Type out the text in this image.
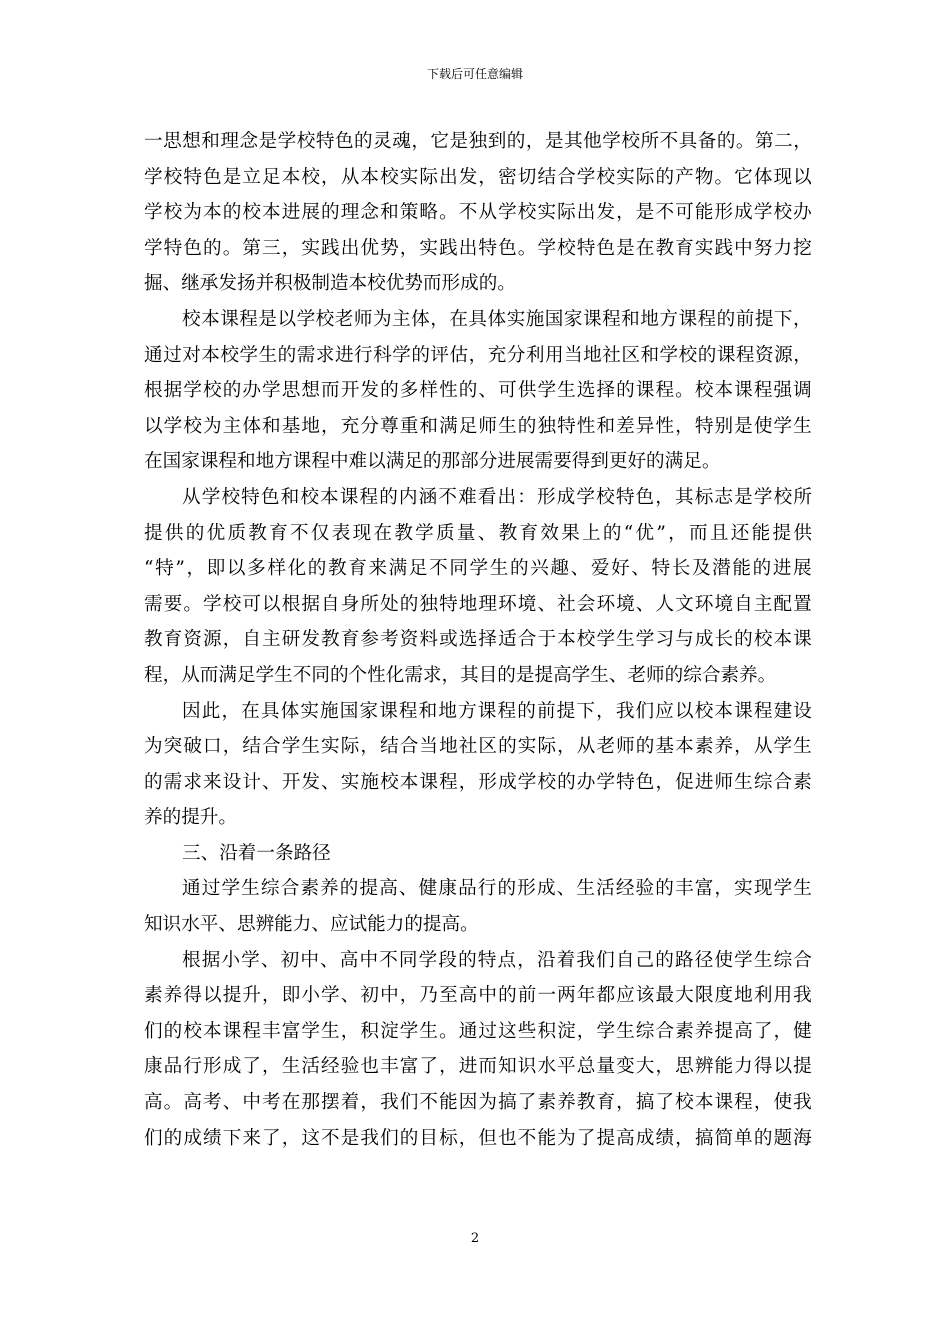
下载后可任意编辑
一 思 想 和 理 念 是 学 校 特 色 的 灵 魂 ， 它 是 独 到 的 ， 是 其 他 学 校 所 不 具 备 的 。 第 二 ，
学 校 特 色 是 立 足 本 校 ， 从 本 校 实 际 出 发 ， 密 切 结 合 学 校 实 际 的 产 物 。 它 体 现 以
学 校 为 本 的 校 本 进 展 的 理 念 和 策 略 。 不 从 学 校 实 际 出 发 ， 是 不 可 能 形 成 学 校 办
学 特 色 的 。 第 三 ， 实 践 出 优 势 ， 实 践 出 特 色 。 学 校 特 色 是 在 教 育 实 践 中 努 力 挖
掘、继承发扬并积极制造本校优势而形成的。
校 本 课 程 是 以 学 校 老 师 为 主 体 ， 在 具 体 实 施 国 家 课 程 和 地 方 课 程 的 前 提 下 ，
通 过 对 本 校 学 生 的 需 求 进 行 科 学 的 评 估 ， 充 分 利 用 当 地 社 区 和 学 校 的 课 程 资 源 ，
根 据 学 校 的 办 学 思 想 而 开 发 的 多 样 性 的 、 可 供 学 生 选 择 的 课 程 。 校 本 课 程 强 调
以 学 校 为 主 体 和 基 地 ， 充 分 尊 重 和 满 足 师 生 的 独 特 性 和 差 异 性 ， 特 别 是 使 学 生
在国家课程和地方课程中难以满足的那部分进展需要得到更好的满足。
从 学 校 特 色 和 校 本 课 程 的 内 涵 不 难 看 出 ： 形 成 学 校 特 色 ， 其 标 志 是 学 校 所
提 供 的 优 质 教 育 不 仅 表 现 在 教 学 质 量 、 教 育 效 果 上 的 “ 优 ” ， 而 且 还 能 提 供
“ 特 ” ， 即 以 多 样 化 的 教 育 来 满 足 不 同 学 生 的 兴 趣 、 爱 好 、 特 长 及 潜 能 的 进 展
需 要 。 学 校 可 以 根 据 自 身 所 处 的 独 特 地 理 环 境 、 社 会 环 境 、 人 文 环 境 自 主 配 置
教 育 资 源 ， 自 主 研 发 教 育 参 考 资 料 或 选 择 适 合 于 本 校 学 生 学 习 与 成 长 的 校 本 课
程，从而满足学生不同的个性化需求，其目的是提高学生、老师的综合素养。
因 此 ， 在 具 体 实 施 国 家 课 程 和 地 方 课 程 的 前 提 下 ， 我 们 应 以 校 本 课 程 建 设
为 突 破 口 ， 结 合 学 生 实 际 ， 结 合 当 地 社 区 的 实 际 ， 从 老 师 的 基 本 素 养 ， 从 学 生
的 需 求 来 设 计 、 开 发 、 实 施 校 本 课 程 ， 形 成 学 校 的 办 学 特 色 ， 促 进 师 生 综 合 素
养的提升。
三、沿着一条路径
通 过 学 生 综 合 素 养 的 提 高 、 健 康 品 行 的 形 成 、 生 活 经 验 的 丰 富 ， 实 现 学 生
知识水平、思辨能力、应试能力的提高。
根 据 小 学 、 初 中 、 高 中 不 同 学 段 的 特 点 ， 沿 着 我 们 自 己 的 路 径 使 学 生 综 合
素 养 得 以 提 升 ， 即 小 学 、 初 中 ， 乃 至 高 中 的 前 一 两 年 都 应 该 最 大 限 度 地 利 用 我
们 的 校 本 课 程 丰 富 学 生 ， 积 淀 学 生 。 通 过 这 些 积 淀 ， 学 生 综 合 素 养 提 高 了 ， 健
康 品 行 形 成 了 ， 生 活 经 验 也 丰 富 了 ， 进 而 知 识 水 平 总 量 变 大 ， 思 辨 能 力 得 以 提
高 。 高 考 、 中 考 在 那 摆 着 ， 我 们 不 能 因 为 搞 了 素 养 教 育 ， 搞 了 校 本 课 程 ， 使 我
们 的 成 绩 下 来 了 ， 这 不 是 我 们 的 目 标 ， 但 也 不 能 为 了 提 高 成 绩 ， 搞 简 单 的 题 海
2
